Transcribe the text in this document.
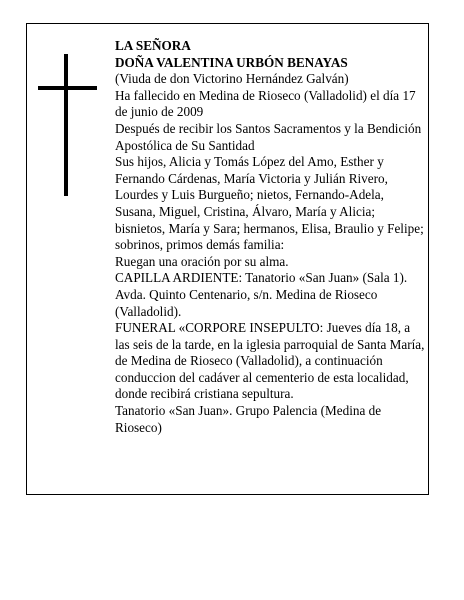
LA SEÑORA

DOÑA VALENTINA URBÓN BENAYAS

(Viuda de don Victorino Hernández Galván)

Ha fallecido en Medina de Rioseco (Valladolid) el día 17 de junio de 2009

Después de recibir los Santos Sacramentos y la Bendición Apostólica de Su Santidad

Sus hijos, Alicia y Tomás López del Amo, Esther y Fernando Cárdenas, María Victoria y Julián Rivero, Lourdes y Luis Burgueño; nietos, Fernando-Adela, Susana, Miguel, Cristina, Álvaro, María y Alicia; bisnietos, María y Sara; hermanos, Elisa, Braulio y Felipe; sobrinos, primos demás familia:

Ruegan una oración por su alma.

CAPILLA ARDIENTE: Tanatorio «San Juan» (Sala 1). Avda. Quinto Centenario, s/n. Medina de Rioseco (Valladolid).

FUNERAL «CORPORE INSEPULTO: Jueves día 18, a las seis de la tarde, en la iglesia parroquial de Santa María, de Medina de Rioseco (Valladolid), a continuación conduccion del cadáver al cementerio de esta localidad, donde recibirá cristiana sepultura.

Tanatorio «San Juan». Grupo Palencia (Medina de Rioseco)
